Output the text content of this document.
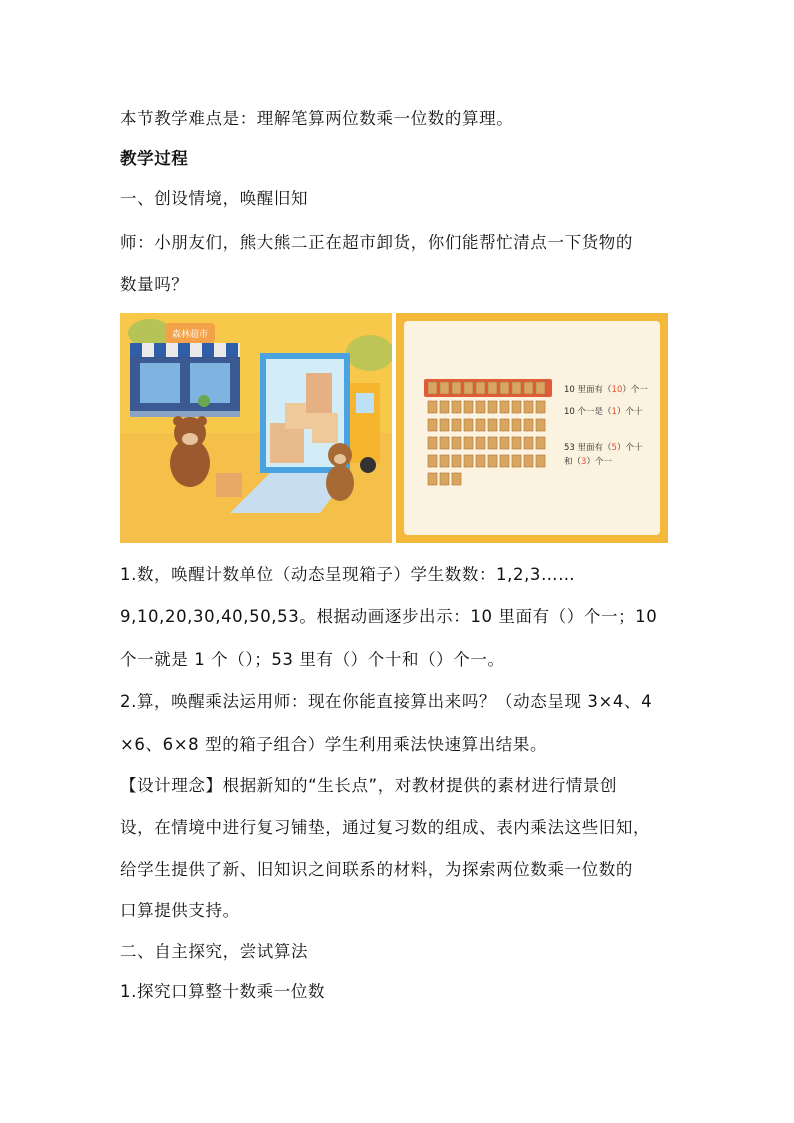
本节教学难点是：理解笔算两位数乘一位数的算理。
教学过程
一、创设情境，唤醒旧知
师：小朋友们，熊大熊二正在超市卸货，你们能帮忙清点一下货物的
数量吗？
森林超市
10 里面有（10）个一
10 个一是（1）个十
53 里面有（5）个十
和（3）个一
1.数，唤醒计数单位（动态呈现箱子）学生数数：1,2,3……
9,10,20,30,40,50,53。根据动画逐步出示：10 里面有（）个一；10
个一就是 1 个（）；53 里有（）个十和（）个一。
2.算，唤醒乘法运用师：现在你能直接算出来吗？（动态呈现 3×4、4
×6、6×8 型的箱子组合）学生利用乘法快速算出结果。
【设计理念】根据新知的“生长点”，对教材提供的素材进行情景创
设，在情境中进行复习铺垫，通过复习数的组成、表内乘法这些旧知，
给学生提供了新、旧知识之间联系的材料，为探索两位数乘一位数的
口算提供支持。
二、自主探究，尝试算法
1.探究口算整十数乘一位数
